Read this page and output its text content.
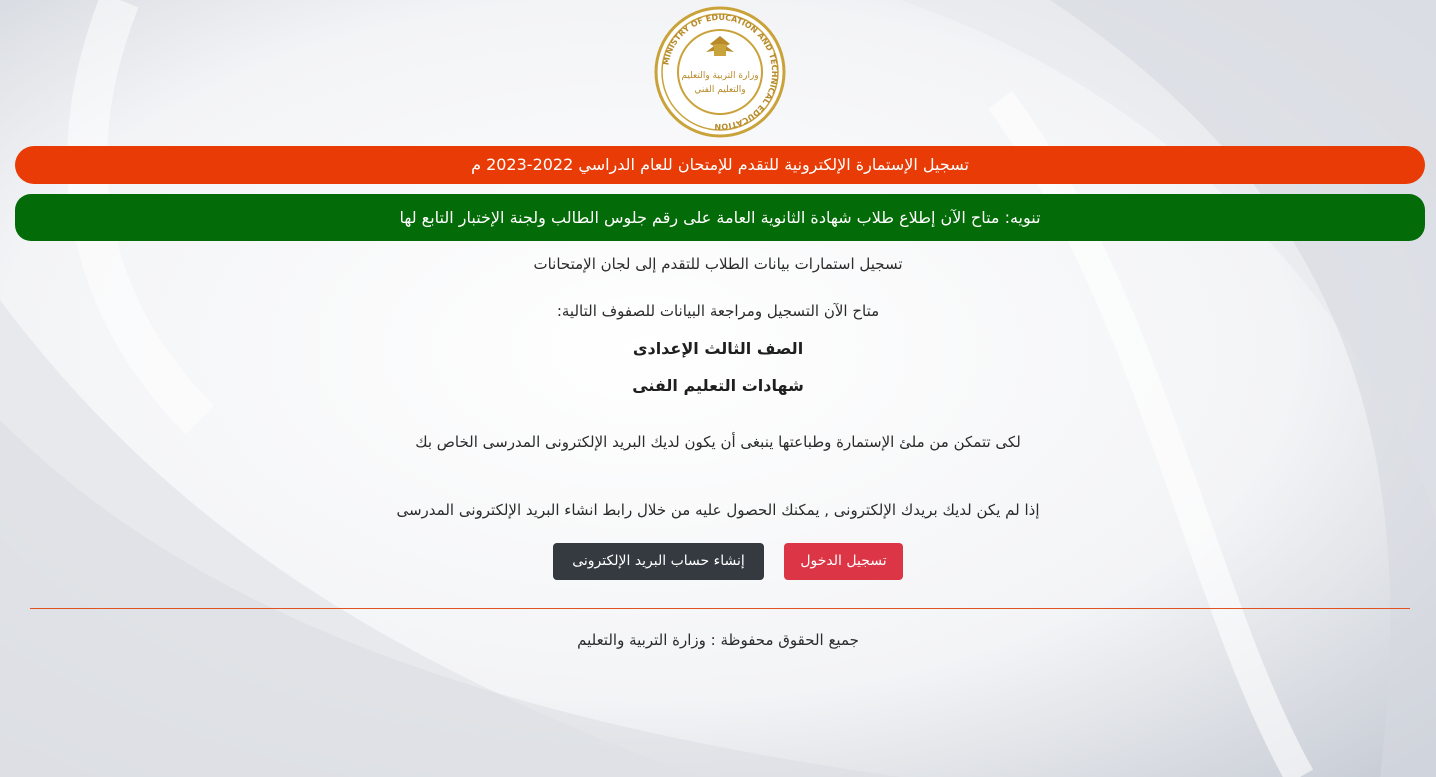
MINISTRY OF EDUCATION AND TECHNICAL EDUCATION
وزارة التربية والتعليم
والتعليم الفني
تسجيل الإستمارة الإلكترونية للتقدم للإمتحان للعام الدراسي 2022-2023 م
تنويه: متاح الآن إطلاع طلاب شهادة الثانوية العامة على رقم جلوس الطالب ولجنة الإختبار التابع لها
تسجيل استمارات بيانات الطلاب للتقدم إلى لجان الإمتحانات
متاح الآن التسجيل ومراجعة البيانات للصفوف التالية:
الصف الثالث الإعدادى
شهادات التعليم الفنى
لكى تتمكن من ملئ الإستمارة وطباعتها ينبغى أن يكون لديك البريد الإلكترونى المدرسى الخاص بك
إذا لم يكن لديك بريدك الإلكترونى , يمكنك الحصول عليه من خلال رابط انشاء البريد الإلكترونى المدرسى
تسجيل الدخول
إنشاء حساب البريد الإلكترونى
جميع الحقوق محفوظة : وزارة التربية والتعليم
